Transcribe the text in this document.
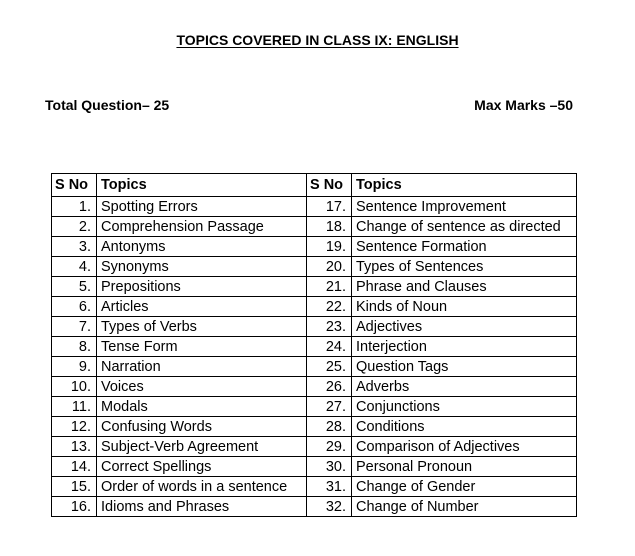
TOPICS COVERED IN CLASS IX: ENGLISH
Total Question– 25	Max Marks –50
S No	Topics	S No	Topics
1.	Spotting Errors	17.	Sentence Improvement
2.	Comprehension Passage	18.	Change of sentence as directed
3.	Antonyms	19.	Sentence Formation
4.	Synonyms	20.	Types of Sentences
5.	Prepositions	21.	Phrase and Clauses
6.	Articles	22.	Kinds of Noun
7.	Types of Verbs	23.	Adjectives
8.	Tense Form	24.	Interjection
9.	Narration	25.	Question Tags
10.	Voices	26.	Adverbs
11.	Modals	27.	Conjunctions
12.	Confusing Words	28.	Conditions
13.	Subject-Verb Agreement	29.	Comparison of Adjectives
14.	Correct Spellings	30.	Personal Pronoun
15.	Order of words in a sentence	31.	Change of Gender
16.	Idioms and Phrases	32.	Change of Number
